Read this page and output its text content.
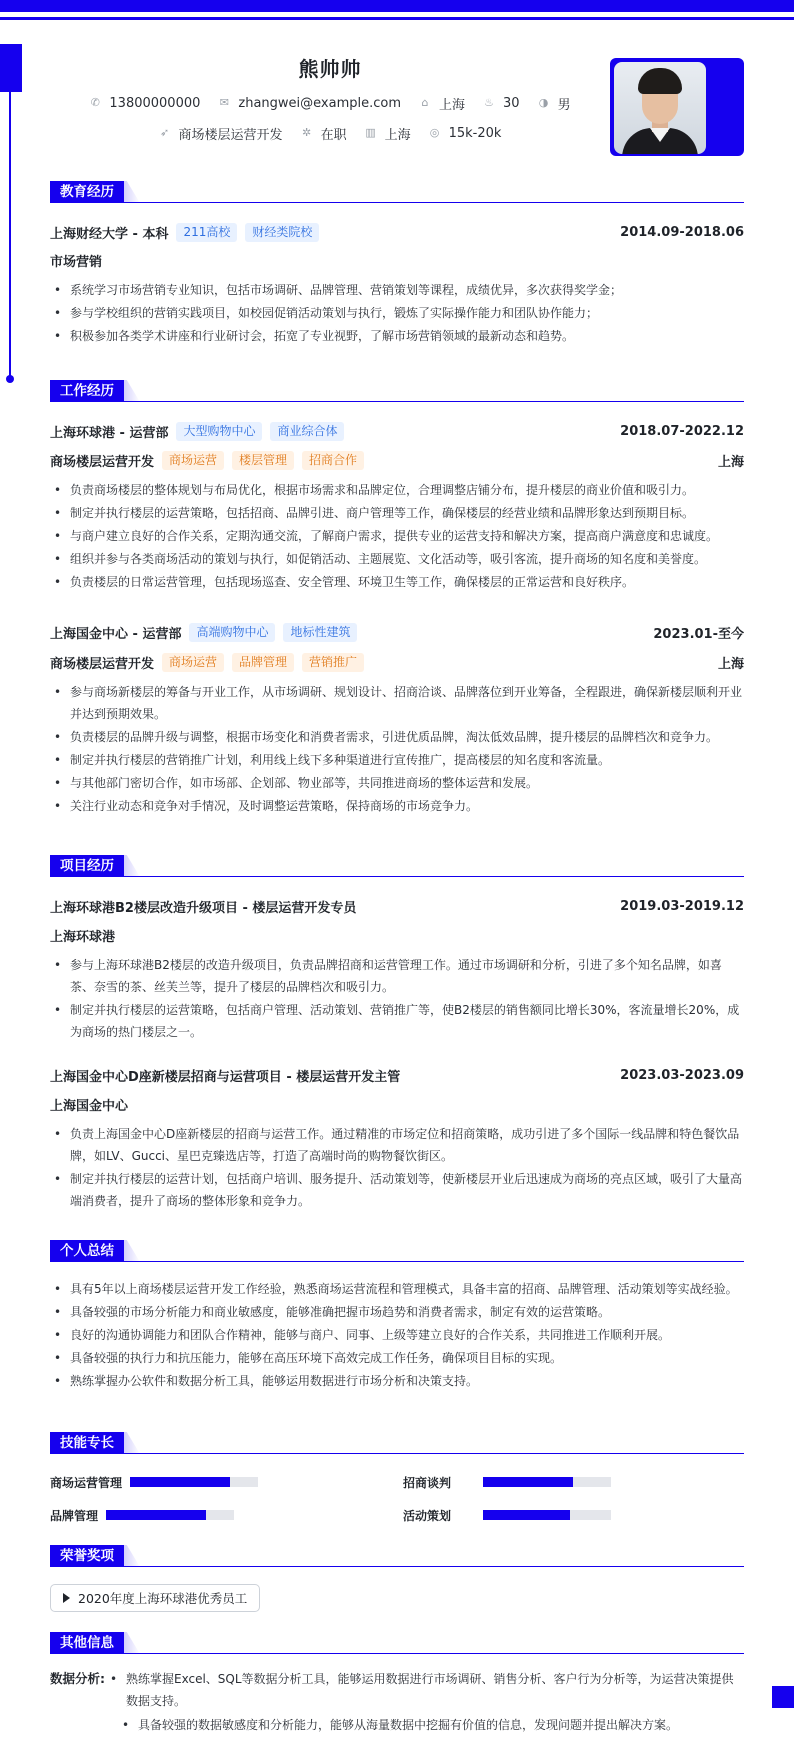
熊帅帅
✆ 13800000000 ✉ zhangwei@example.com ⌂ 上海 ♨ 30 ◑ 男
➶ 商场楼层运营开发 ✲ 在职 ▥ 上海 ◎ 15k-20k
教育经历
上海财经大学 - 本科	211高校	财经类院校	2014.09-2018.06
市场营销
• 系统学习市场营销专业知识，包括市场调研、品牌管理、营销策划等课程，成绩优异，多次获得奖学金；
• 参与学校组织的营销实践项目，如校园促销活动策划与执行，锻炼了实际操作能力和团队协作能力；
• 积极参加各类学术讲座和行业研讨会，拓宽了专业视野，了解市场营销领域的最新动态和趋势。
工作经历
上海环球港 - 运营部	大型购物中心	商业综合体	2018.07-2022.12
商场楼层运营开发	商场运营	楼层管理	招商合作	上海
• 负责商场楼层的整体规划与布局优化，根据市场需求和品牌定位，合理调整店铺分布，提升楼层的商业价值和吸引力。
• 制定并执行楼层的运营策略，包括招商、品牌引进、商户管理等工作，确保楼层的经营业绩和品牌形象达到预期目标。
• 与商户建立良好的合作关系，定期沟通交流，了解商户需求，提供专业的运营支持和解决方案，提高商户满意度和忠诚度。
• 组织并参与各类商场活动的策划与执行，如促销活动、主题展览、文化活动等，吸引客流，提升商场的知名度和美誉度。
• 负责楼层的日常运营管理，包括现场巡查、安全管理、环境卫生等工作，确保楼层的正常运营和良好秩序。
上海国金中心 - 运营部	高端购物中心	地标性建筑	2023.01-至今
商场楼层运营开发	商场运营	品牌管理	营销推广	上海
• 参与商场新楼层的筹备与开业工作，从市场调研、规划设计、招商洽谈、品牌落位到开业筹备，全程跟进，确保新楼层顺利开业并达到预期效果。
• 负责楼层的品牌升级与调整，根据市场变化和消费者需求，引进优质品牌，淘汰低效品牌，提升楼层的品牌档次和竞争力。
• 制定并执行楼层的营销推广计划，利用线上线下多种渠道进行宣传推广，提高楼层的知名度和客流量。
• 与其他部门密切合作，如市场部、企划部、物业部等，共同推进商场的整体运营和发展。
• 关注行业动态和竞争对手情况，及时调整运营策略，保持商场的市场竞争力。
项目经历
上海环球港B2楼层改造升级项目 - 楼层运营开发专员	2019.03-2019.12
上海环球港
• 参与上海环球港B2楼层的改造升级项目，负责品牌招商和运营管理工作。通过市场调研和分析，引进了多个知名品牌，如喜茶、奈雪的茶、丝芙兰等，提升了楼层的品牌档次和吸引力。
• 制定并执行楼层的运营策略，包括商户管理、活动策划、营销推广等，使B2楼层的销售额同比增长30%，客流量增长20%，成为商场的热门楼层之一。
上海国金中心D座新楼层招商与运营项目 - 楼层运营开发主管	2023.03-2023.09
上海国金中心
• 负责上海国金中心D座新楼层的招商与运营工作。通过精准的市场定位和招商策略，成功引进了多个国际一线品牌和特色餐饮品牌，如LV、Gucci、星巴克臻选店等，打造了高端时尚的购物餐饮街区。
• 制定并执行楼层的运营计划，包括商户培训、服务提升、活动策划等，使新楼层开业后迅速成为商场的亮点区域，吸引了大量高端消费者，提升了商场的整体形象和竞争力。
个人总结
• 具有5年以上商场楼层运营开发工作经验，熟悉商场运营流程和管理模式，具备丰富的招商、品牌管理、活动策划等实战经验。
• 具备较强的市场分析能力和商业敏感度，能够准确把握市场趋势和消费者需求，制定有效的运营策略。
• 良好的沟通协调能力和团队合作精神，能够与商户、同事、上级等建立良好的合作关系，共同推进工作顺利开展。
• 具备较强的执行力和抗压能力，能够在高压环境下高效完成工作任务，确保项目目标的实现。
• 熟练掌握办公软件和数据分析工具，能够运用数据进行市场分析和决策支持。
技能专长
商场运营管理	招商谈判
品牌管理	活动策划
荣誉奖项
2020年度上海环球港优秀员工
其他信息
数据分析:
•	熟练掌握Excel、SQL等数据分析工具，能够运用数据进行市场调研、销售分析、客户行为分析等，为运营决策提供数据支持。
• 具备较强的数据敏感度和分析能力，能够从海量数据中挖掘有价值的信息，发现问题并提出解决方案。
